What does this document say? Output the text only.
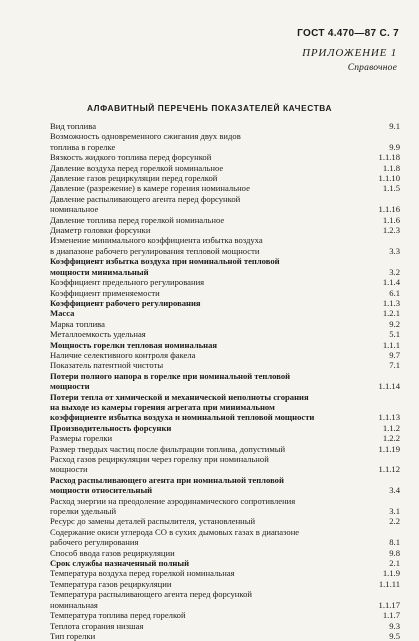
ГОСТ 4.470—87 С. 7
ПРИЛОЖЕНИЕ 1
Справочное
АЛФАВИТНЫЙ ПЕРЕЧЕНЬ ПОКАЗАТЕЛЕЙ КАЧЕСТВА
Вид топлива	9.1
Возможность одновременного сжигания двух видов
топлива в горелке	9.9
Вязкость жидкого топлива перед форсункой	1.1.18
Давление воздуха перед горелкой номинальное	1.1.8
Давление газов рециркуляции перед горелкой	1.1.10
Давление (разрежение) в камере горения номинальное	1.1.5
Давление распыливающего агента перед форсункой
номинальное	1.1.16
Давление топлива перед горелкой номинальное	1.1.6
Диаметр головки форсунки	1.2.3
Изменение минимального коэффициента избытка воздуха
в диапазоне рабочего регулирования тепловой мощности	3.3
Коэффициент избытка воздуха при номинальной тепловой
мощности минимальный	3.2
Коэффициент предельного регулирования	1.1.4
Коэффициент применяемости	6.1
Коэффициент рабочего регулирования	1.1.3
Масса	1.2.1
Марка топлива	9.2
Металлоемкость удельная	5.1
Мощность горелки тепловая номинальная	1.1.1
Наличие селективного контроля факела	9.7
Показатель патентной чистоты	7.1
Потери полного напора в горелке при номинальной тепловой
мощности	1.1.14
Потери тепла от химической и механической неполноты сгорания
на выходе из камеры горения агрегата при минимальном
коэффициенте избытка воздуха и номинальной тепловой мощности	1.1.13
Производительность форсунки	1.1.2
Размеры горелки	1.2.2
Размер твердых частиц после фильтрации топлива, допустимый	1.1.19
Расход газов рециркуляции через горелку при номинальной
мощности	1.1.12
Расход распыливающего агента при номинальной тепловой
мощности относительный	3.4
Расход энергии на преодоление аэродинамического сопротивления
горелки удельный	3.1
Ресурс до замены деталей распылителя, установленный	2.2
Содержание окиси углерода СО в сухих дымовых газах в диапазоне
рабочего регулирования	8.1
Способ ввода газов рециркуляции	9.8
Срок службы назначенный полный	2.1
Температура воздуха перед горелкой номинальная	1.1.9
Температура газов рециркуляции	1.1.11
Температура распыливающего агента перед форсункой
номинальная	1.1.17
Температура топлива перед горелкой	1.1.7
Теплота сгорания низшая	9.3
Тип горелки	9.5
